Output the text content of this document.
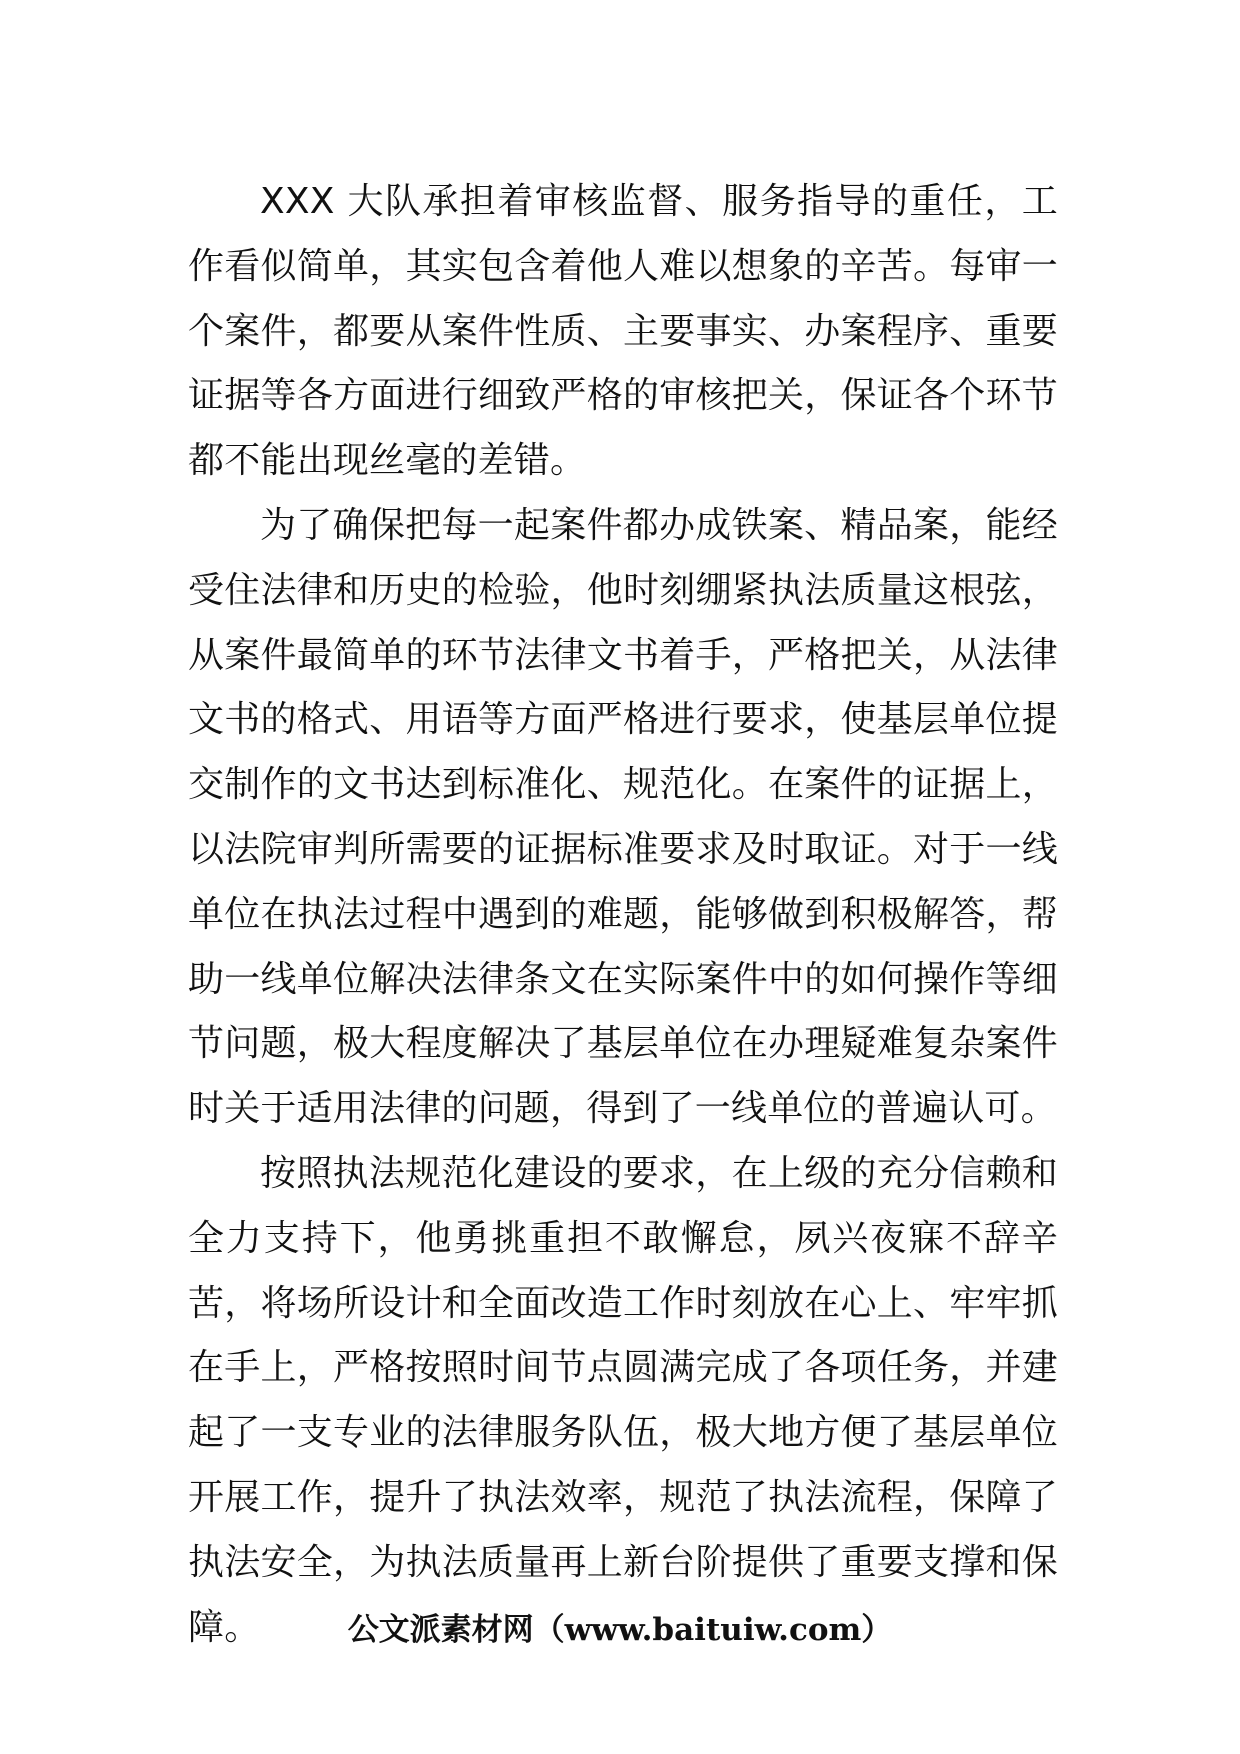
XXX 大队承担着审核监督、服务指导的重任，工作看似简单，其实包含着他人难以想象的辛苦。每审一个案件，都要从案件性质、主要事实、办案程序、重要证据等各方面进行细致严格的审核把关，保证各个环节都不能出现丝毫的差错。

为了确保把每一起案件都办成铁案、精品案，能经受住法律和历史的检验，他时刻绷紧执法质量这根弦，从案件最简单的环节法律文书着手，严格把关，从法律文书的格式、用语等方面严格进行要求，使基层单位提交制作的文书达到标准化、规范化。在案件的证据上，以法院审判所需要的证据标准要求及时取证。对于一线单位在执法过程中遇到的难题，能够做到积极解答，帮助一线单位解决法律条文在实际案件中的如何操作等细节问题，极大程度解决了基层单位在办理疑难复杂案件时关于适用法律的问题，得到了一线单位的普遍认可。

按照执法规范化建设的要求，在上级的充分信赖和全力支持下，他勇挑重担不敢懈怠，夙兴夜寐不辞辛苦，将场所设计和全面改造工作时刻放在心上、牢牢抓在手上，严格按照时间节点圆满完成了各项任务，并建起了一支专业的法律服务队伍，极大地方便了基层单位开展工作，提升了执法效率，规范了执法流程，保障了执法安全，为执法质量再上新台阶提供了重要支撑和保障。	公文派素材网（www.baituiw.com）
